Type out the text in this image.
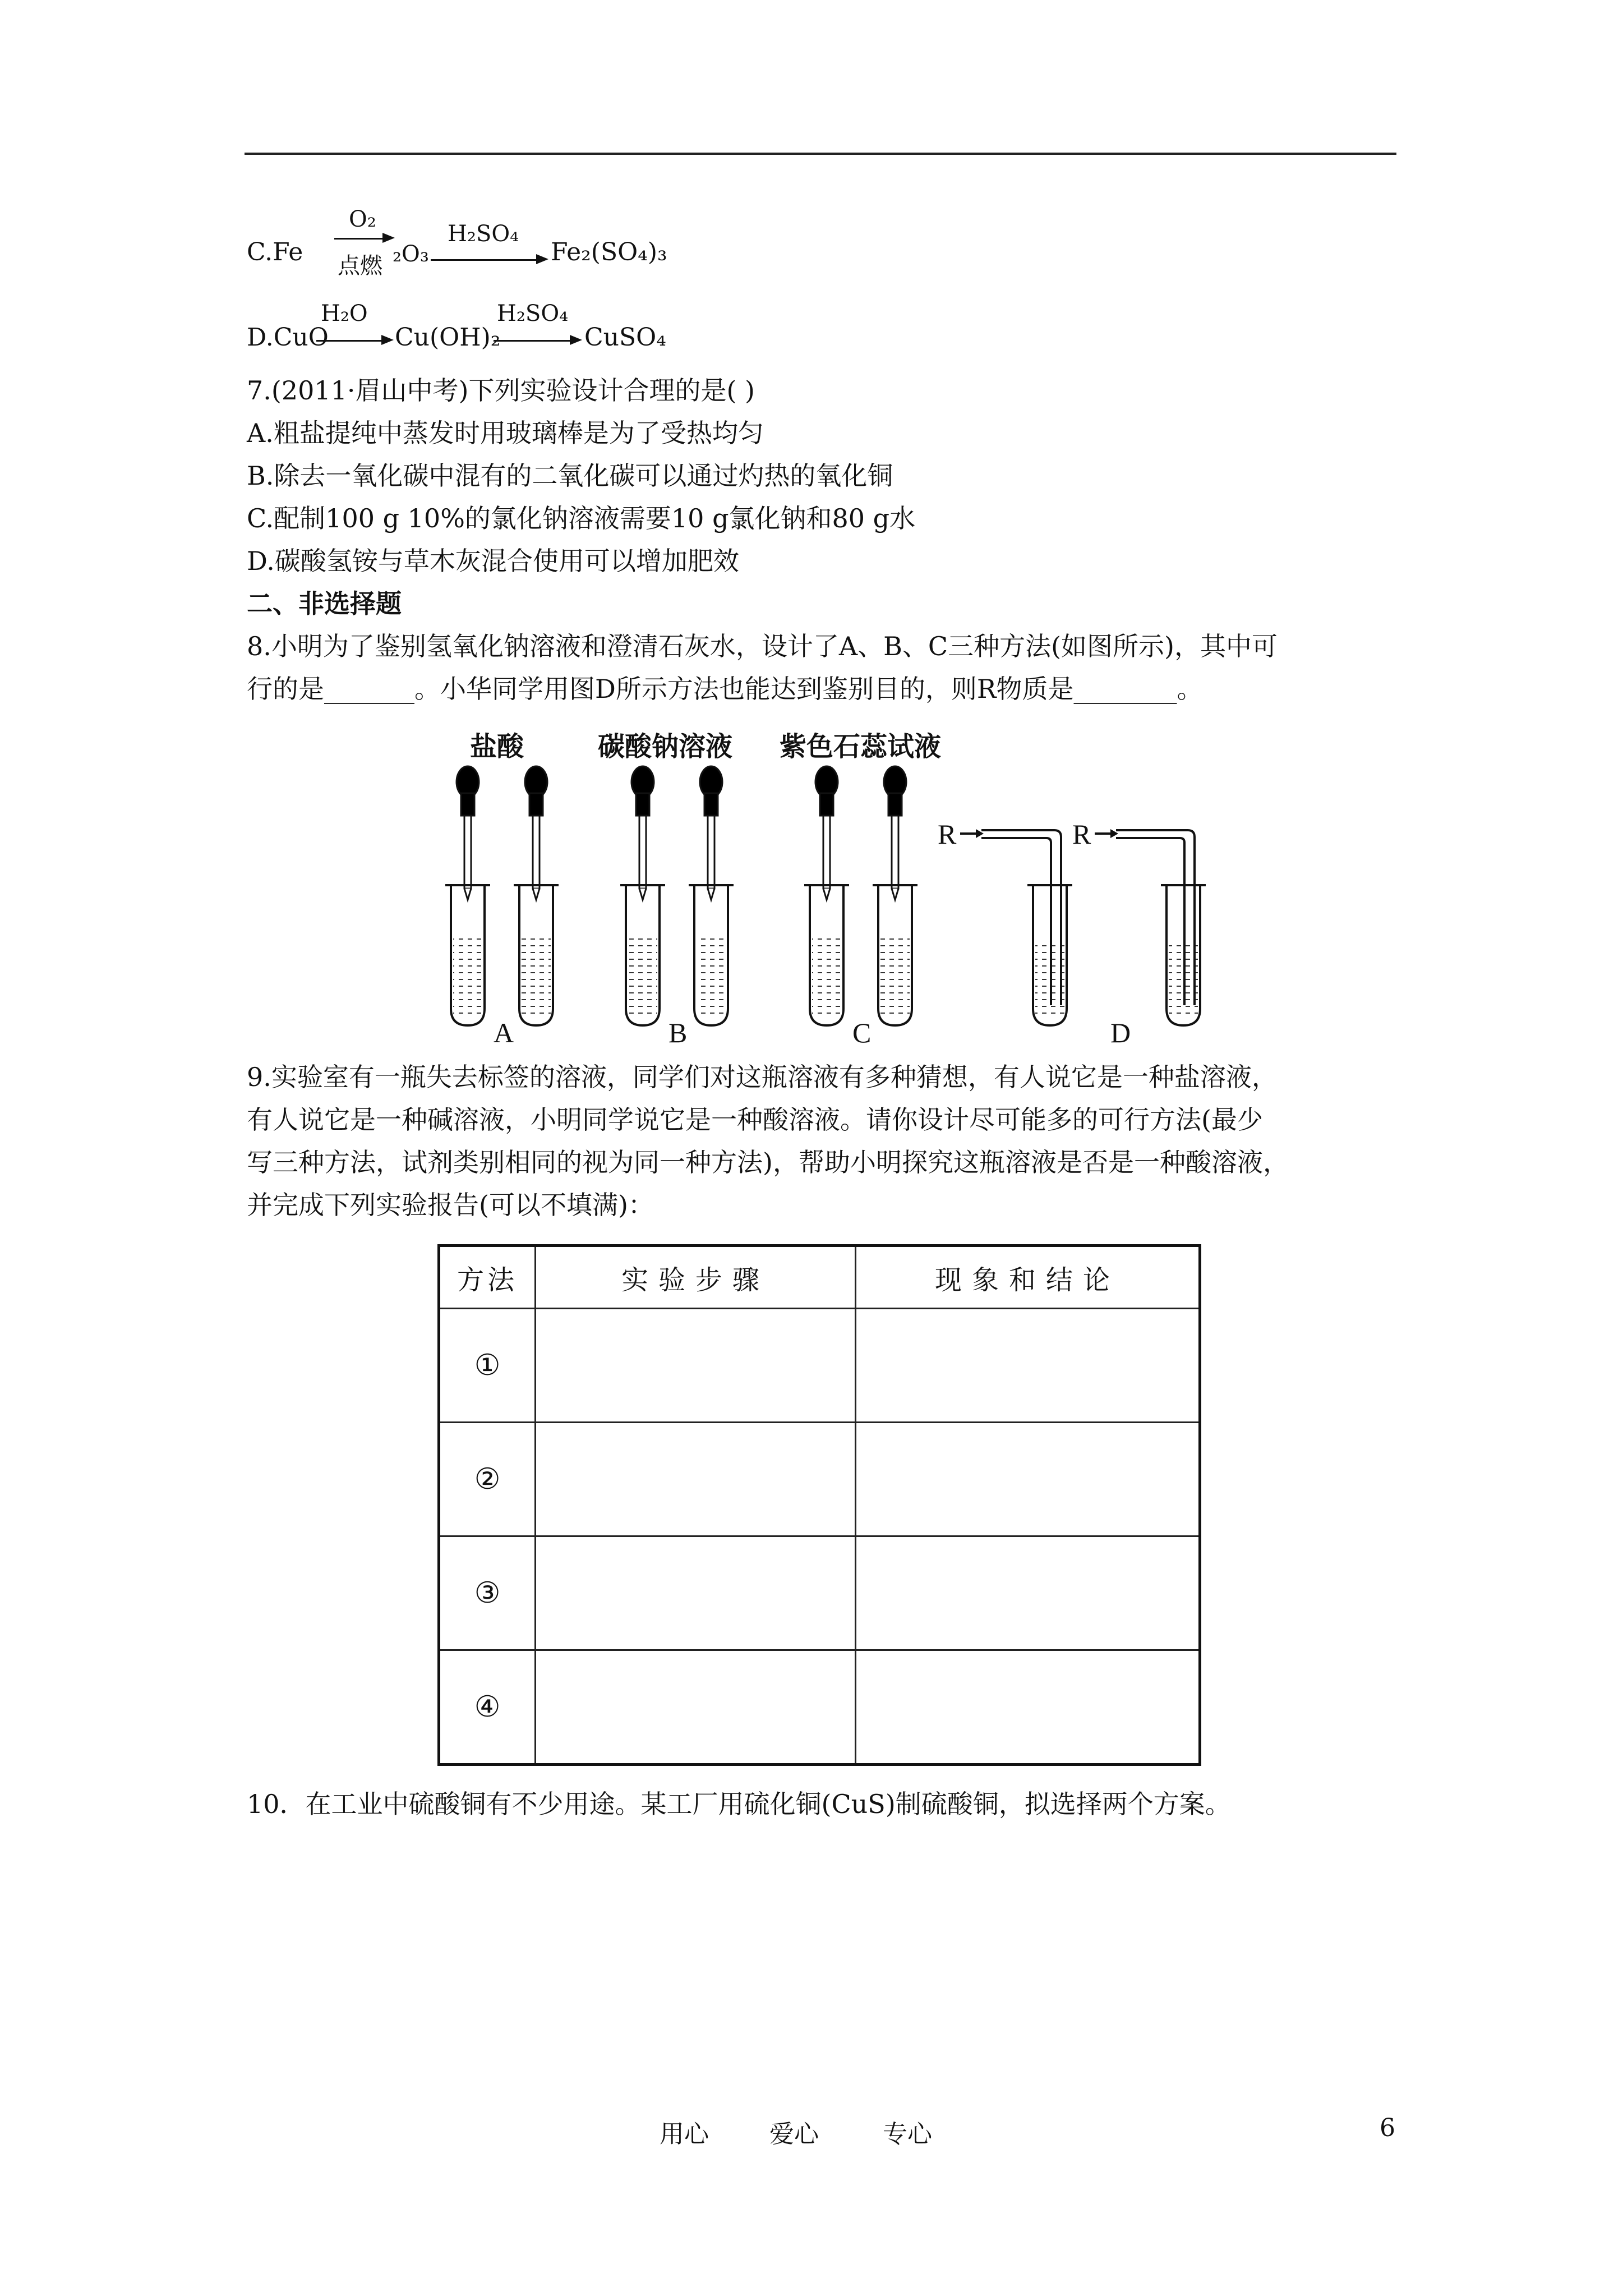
C.Fe
O₂
点燃 ₂O₃
H₂SO₄
Fe₂(SO₄)₃
D.CuO
H₂O
Cu(OH)₂
H₂SO₄
CuSO₄
7.(2011·眉山中考)下列实验设计合理的是( )
A.粗盐提纯中蒸发时用玻璃棒是为了受热均匀
B.除去一氧化碳中混有的二氧化碳可以通过灼热的氧化铜
C.配制100 g 10%的氯化钠溶液需要10 g氯化钠和80 g水
D.碳酸氢铵与草木灰混合使用可以增加肥效
二、非选择题
8.小明为了鉴别氢氧化钠溶液和澄清石灰水，设计了A、B、C三种方法(如图所示)，其中可
行的是_______。小华同学用图D所示方法也能达到鉴别目的，则R物质是________。
盐酸	碳酸钠溶液 紫色石蕊试液
R	R
A	B	C	D
9.实验室有一瓶失去标签的溶液，同学们对这瓶溶液有多种猜想，有人说它是一种盐溶液，
有人说它是一种碱溶液，小明同学说它是一种酸溶液。请你设计尽可能多的可行方法(最少
写三种方法，试剂类别相同的视为同一种方法)，帮助小明探究这瓶溶液是否是一种酸溶液，
并完成下列实验报告(可以不填满)：
方法	实验步骤	现象和结论
①		
②		
③		
④		
10．在工业中硫酸铜有不少用途。某工厂用硫化铜(CuS)制硫酸铜，拟选择两个方案。
用心 爱心	专心	6
